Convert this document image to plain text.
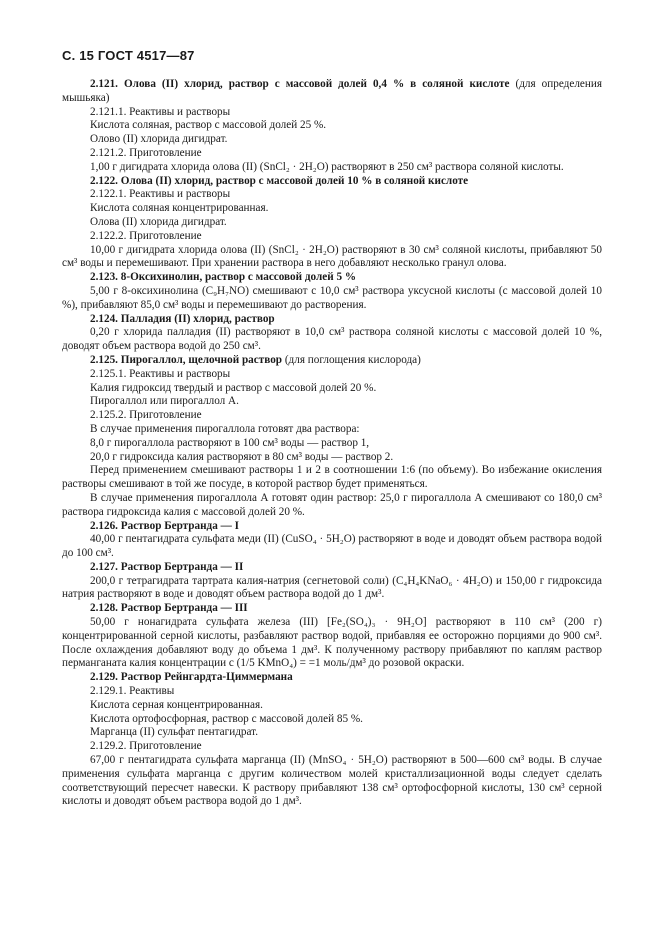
С. 15 ГОСТ 4517—87

2.121. Олова (II) хлорид, раствор с массовой долей 0,4 % в соляной кислоте (для определения мышьяка)

2.121.1. Реактивы и растворы

Кислота соляная, раствор с массовой долей 25 %.

Олово (II) хлорида дигидрат.

2.121.2. Приготовление

1,00 г дигидрата хлорида олова (II) (SnCl₂ · 2H₂O) растворяют в 250 см³ раствора соляной кислоты.

2.122. Олова (II) хлорид, раствор с массовой долей 10 % в соляной кислоте

2.122.1. Реактивы и растворы

Кислота соляная концентрированная.

Олова (II) хлорида дигидрат.

2.122.2. Приготовление

10,00 г дигидрата хлорида олова (II) (SnCl₂ · 2H₂O) растворяют в 30 см³ соляной кислоты, прибавляют 50 см³ воды и перемешивают. При хранении раствора в него добавляют несколько гранул олова.

2.123. 8-Оксихинолин, раствор с массовой долей 5 %

5,00 г 8-оксихинолина (C₉H₇NO) смешивают с 10,0 см³ раствора уксусной кислоты (с массовой долей 10 %), прибавляют 85,0 см³ воды и перемешивают до растворения.

2.124. Палладия (II) хлорид, раствор

0,20 г хлорида палладия (II) растворяют в 10,0 см³ раствора соляной кислоты с массовой долей 10 %, доводят объем раствора водой до 250 см³.

2.125. Пирогаллол, щелочной раствор (для поглощения кислорода)

2.125.1. Реактивы и растворы

Калия гидроксид твердый и раствор с массовой долей 20 %.

Пирогаллол или пирогаллол А.

2.125.2. Приготовление

В случае применения пирогаллола готовят два раствора:

8,0 г пирогаллола растворяют в 100 см³ воды — раствор 1,

20,0 г гидроксида калия растворяют в 80 см³ воды — раствор 2.

Перед применением смешивают растворы 1 и 2 в соотношении 1:6 (по объему). Во избежание окисления растворы смешивают в той же посуде, в которой раствор будет применяться.

В случае применения пирогаллола А готовят один раствор: 25,0 г пирогаллола А смешивают со 180,0 см³ раствора гидроксида калия с массовой долей 20 %.

2.126. Раствор Бертранда — I

40,00 г пентагидрата сульфата меди (II) (CuSO₄ · 5H₂O) растворяют в воде и доводят объем раствора водой до 100 см³.

2.127. Раствор Бертранда — II

200,0 г тетрагидрата тартрата калия-натрия (сегнетовой соли) (C₄H₄KNaO₆ · 4H₂O) и 150,00 г гидроксида натрия растворяют в воде и доводят объем раствора водой до 1 дм³.

2.128. Раствор Бертранда — III

50,00 г нонагидрата сульфата железа (III) [Fe₂(SO₄)₃ · 9H₂O] растворяют в 110 см³ (200 г) концентрированной серной кислоты, разбавляют раствор водой, прибавляя ее осторожно порциями до 900 см³. После охлаждения добавляют воду до объема 1 дм³. К полученному раствору прибавляют по каплям раствор перманганата калия концентрации с (1/5 KMnO₄) = =1 моль/дм³ до розовой окраски.

2.129. Раствор Рейнгардта-Циммермана

2.129.1. Реактивы

Кислота серная концентрированная.

Кислота ортофосфорная, раствор с массовой долей 85 %.

Марганца (II) сульфат пентагидрат.

2.129.2. Приготовление

67,00 г пентагидрата сульфата марганца (II) (MnSO₄ · 5H₂O) растворяют в 500—600 см³ воды. В случае применения сульфата марганца с другим количеством молей кристаллизационной воды следует сделать соответствующий пересчет навески. К раствору прибавляют 138 см³ ортофосфорной кислоты, 130 см³ серной кислоты и доводят объем раствора водой до 1 дм³.
